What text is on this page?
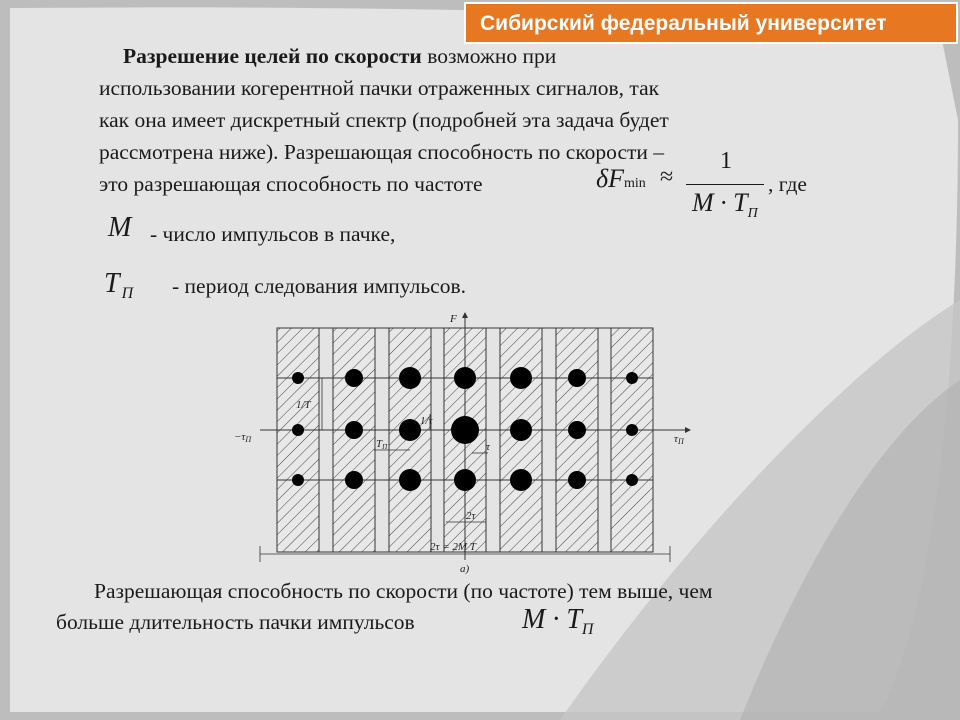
Сибирский федеральный университет
Разрешение целей по скорости возможно при
использовании когерентной пачки отраженных сигналов, так
как она имеет дискретный спектр (подробней эта задача будет
рассмотрена ниже). Разрешающая способность по скорости –
это разрешающая способность по частоте	δFmin ≈
1
$M \cdot T_П$
, где
M - число импульсов в пачке,
T $_П$ - период следования импульсов.
F
τП
−τП
1/T
1/τ
TП	τ
2τ
2τ = 2M T
а)
Разрешающая способность по скорости (по частоте) тем выше, чем
больше длительность пачки импульсов	$M \cdot T_П$
